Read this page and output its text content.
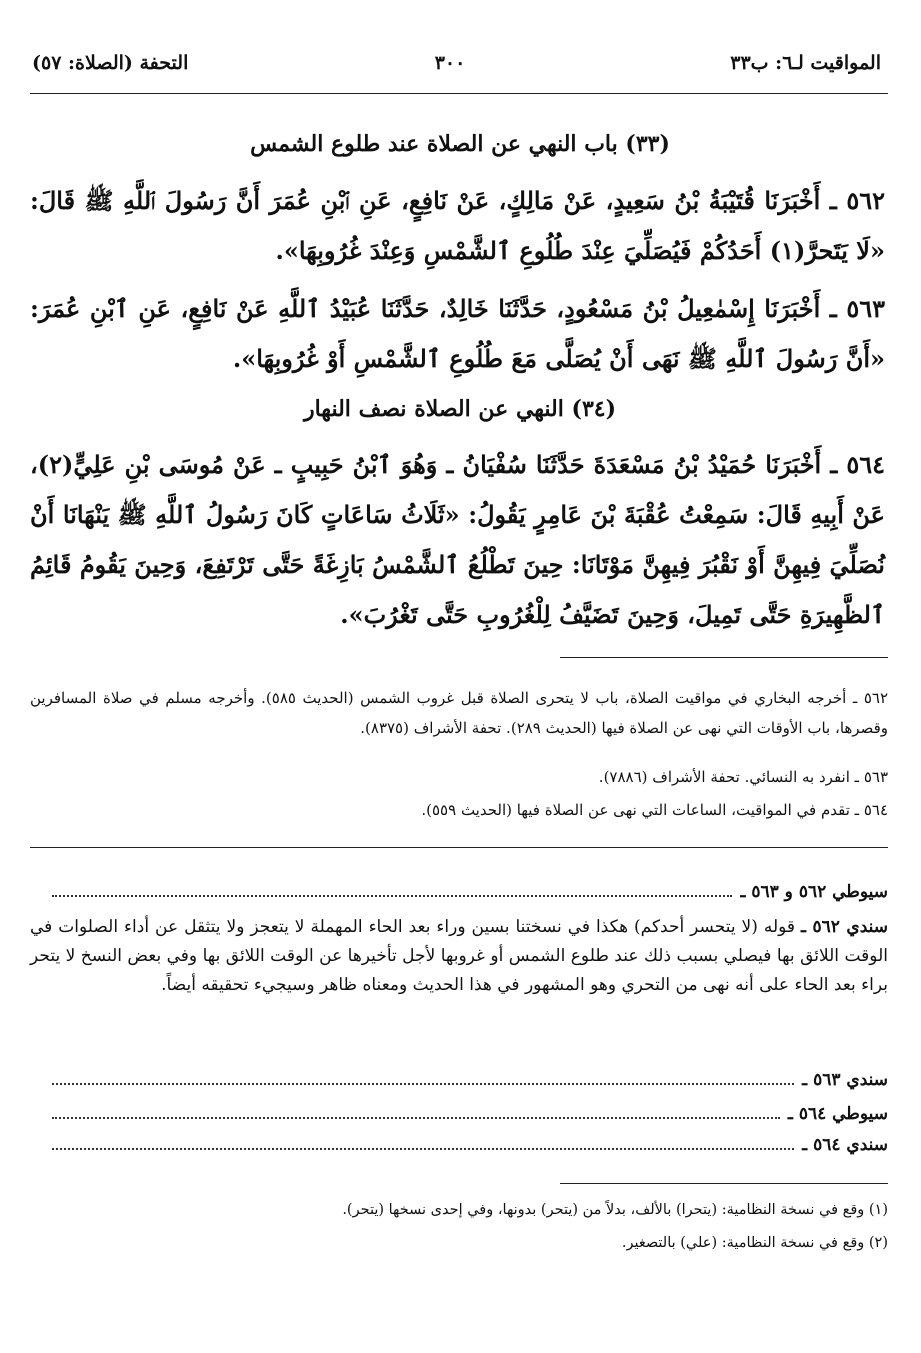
المواقيت لـ٦: ب٣٣
٣٠٠
التحفة (الصلاة: ٥٧)
(٣٣) باب النهي عن الصلاة عند طلوع الشمس
٥٦٢ ـ أَخْبَرَنَا قُتَيْبَةُ بْنُ سَعِيدٍ، عَنْ مَالِكٍ، عَنْ نَافِعٍ، عَنِ ٱبْنِ عُمَرَ أَنَّ رَسُولَ ٱللَّهِ ﷺ قَالَ: «لَا يَتَحرَّ(١) أَحَدُكُمْ فَيُصَلِّيَ عِنْدَ طُلُوعِ ٱلشَّمْسِ وَعِنْدَ غُرُوبِهَا».
٥٦٣ ـ أَخْبَرَنَا إِسْمٰعِيلُ بْنُ مَسْعُودٍ، حَدَّثَنَا خَالِدٌ، حَدَّثَنَا عُبَيْدُ ٱللَّهِ عَنْ نَافِعٍ، عَنِ ٱبْنِ عُمَرَ: «أَنَّ رَسُولَ ٱللَّهِ ﷺ نَهَى أَنْ يُصَلَّى مَعَ طُلُوعِ ٱلشَّمْسِ أَوْ غُرُوبِهَا».
(٣٤) النهي عن الصلاة نصف النهار
٥٦٤ ـ أَخْبَرَنَا حُمَيْدُ بْنُ مَسْعَدَةَ حَدَّثَنَا سُفْيَانُ ـ وَهُوَ ٱبْنُ حَبِيبٍ ـ عَنْ مُوسَى بْنِ عَلِيٍّ(٢)، عَنْ أَبِيهِ قَالَ: سَمِعْتُ عُقْبَةَ بْنَ عَامِرٍ يَقُولُ: «ثَلَاثُ سَاعَاتٍ كَانَ رَسُولُ ٱللَّهِ ﷺ يَنْهَانَا أَنْ نُصَلِّيَ فِيهِنَّ أَوْ نَقْبُرَ فِيهِنَّ مَوْتَانَا: حِينَ تَطْلُعُ ٱلشَّمْسُ بَازِغَةً حَتَّى تَرْتَفِعَ، وَحِينَ يَقُومُ قَائِمُ ٱلظَّهِيرَةِ حَتَّى تَمِيلَ، وَحِينَ تَضَيَّفُ لِلْغُرُوبِ حَتَّى تَغْرُبَ».
٥٦٢ ـ أخرجه البخاري في مواقيت الصلاة، باب لا يتحرى الصلاة قبل غروب الشمس (الحديث ٥٨٥). وأخرجه مسلم في صلاة المسافرين وقصرها، باب الأوقات التي نهى عن الصلاة فيها (الحديث ٢٨٩). تحفة الأشراف (٨٣٧٥).
٥٦٣ ـ انفرد به النسائي. تحفة الأشراف (٧٨٨٦).
٥٦٤ ـ تقدم في المواقيت، الساعات التي نهى عن الصلاة فيها (الحديث ٥٥٩).
سيوطي ٥٦٢ و ٥٦٣ ـ
سندي ٥٦٢ ـ قوله (لا يتحسر أحدكم) هكذا في نسختنا بسين وراء بعد الحاء المهملة لا يتعجز ولا يتثقل عن أداء الصلوات في الوقت اللائق بها فيصلي بسبب ذلك عند طلوع الشمس أو غروبها لأجل تأخيرها عن الوقت اللائق بها وفي بعض النسخ لا يتحر براء بعد الحاء على أنه نهى من التحري وهو المشهور في هذا الحديث ومعناه ظاهر وسيجيء تحقيقه أيضاً.
سندي ٥٦٣ ـ
سيوطي ٥٦٤ ـ
سندي ٥٦٤ ـ
(١) وقع في نسخة النظامية: (يتحرا) بالألف، بدلاً من (يتحر) بدونها، وفي إحدى نسخها (يتحر).
(٢) وقع في نسخة النظامية: (علي) بالتصغير.
